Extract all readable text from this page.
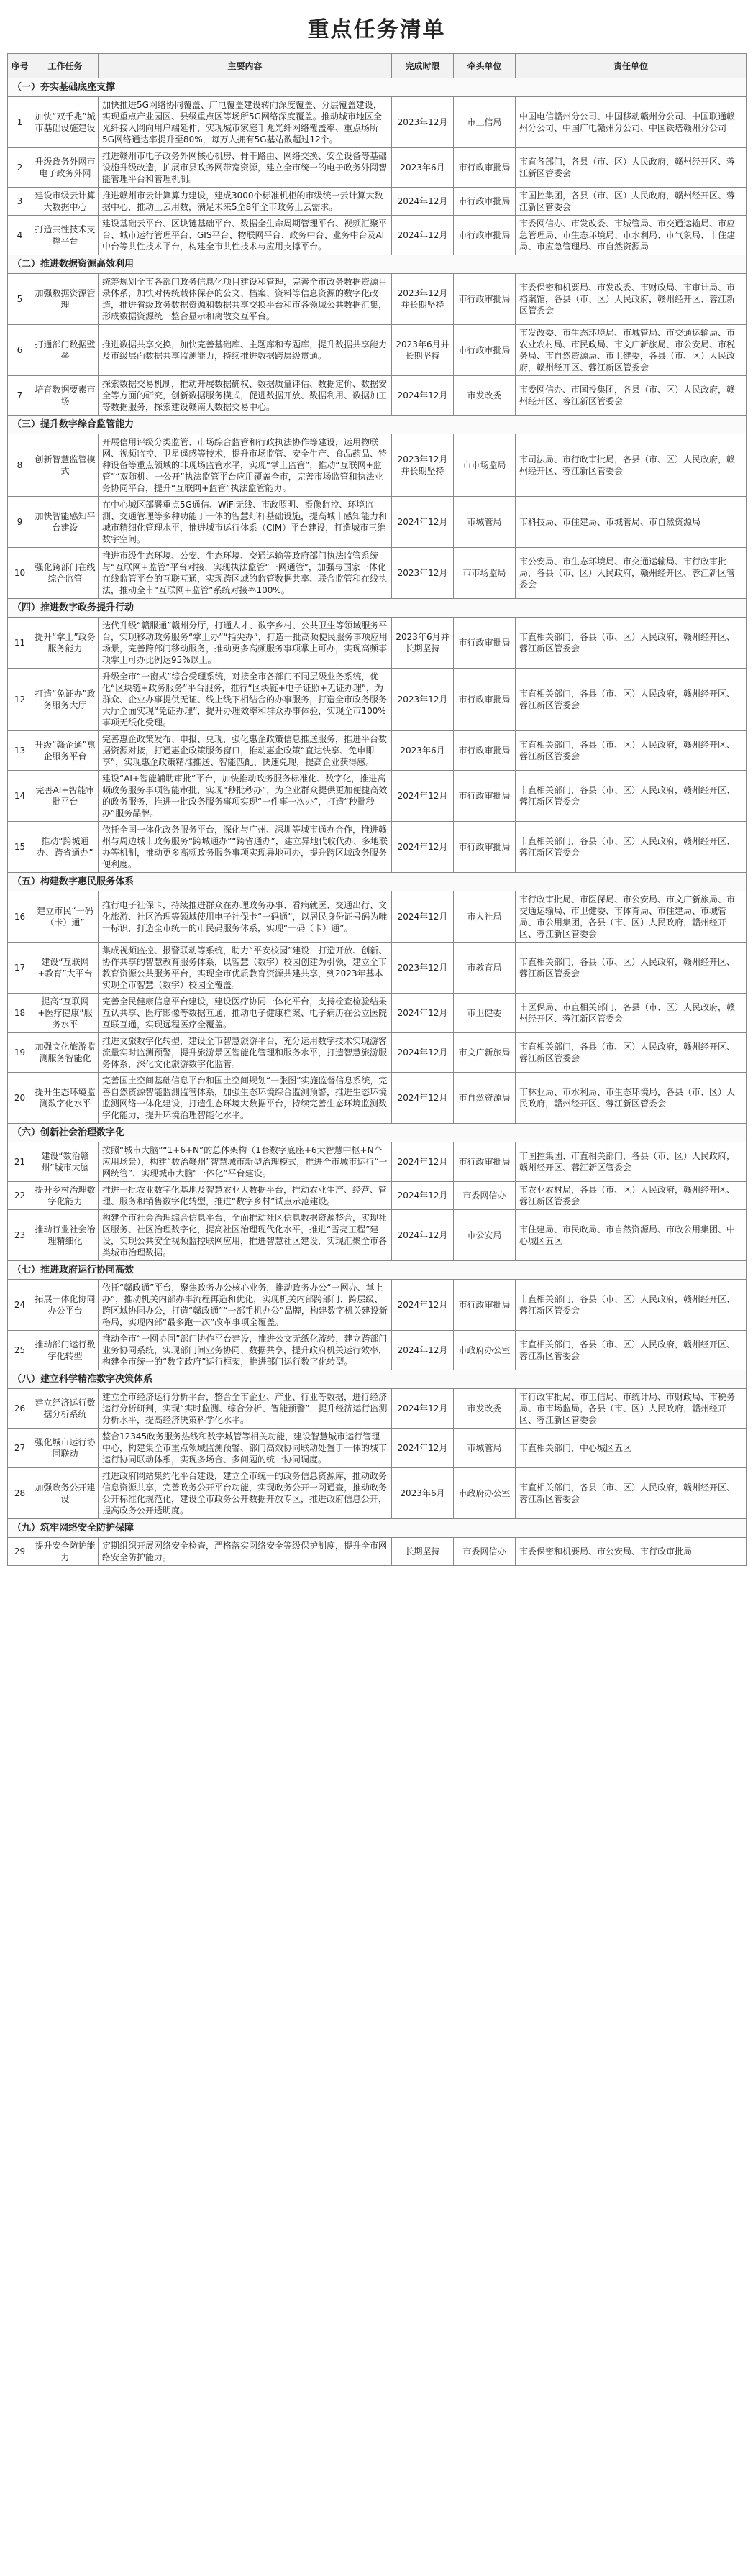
重点任务清单
序号	工作任务	主要内容	完成时限	牵头单位	责任单位
（一）夯实基础底座支撑					
1	加快“双千兆”城市基础设施建设	加快推进5G网络协同覆盖、广电覆盖建设转向深度覆盖、分层覆盖建设，实现重点产业园区、县级重点区等场所5G网络深度覆盖。推动城市地区全光纤接入网向用户端延伸，实现城市家庭千兆光纤网络覆盖率、重点场所5G网络通达率提升至80%，每万人拥有5G基站数超过12个。	2023年12月	市工信局	中国电信赣州分公司、中国移动赣州分公司、中国联通赣州分公司、中国广电赣州分公司、中国铁塔赣州分公司
2	升级政务外网市电子政务外网	推进赣州市电子政务外网核心机房、骨干路由、网络交换、安全设备等基础设施升级改造，扩展市县政务网带宽资源，建立全市统一的电子政务外网智能管理平台和管理机制。	2023年6月	市行政审批局	市直各部门，各县（市、区）人民政府，赣州经开区、蓉江新区管委会
3	建设市级云计算大数据中心	推进赣州市云计算算力建设，建成3000个标准机柜的市级统一云计算大数据中心，推动上云用数，满足未来5至8年全市政务上云需求。	2024年12月	市行政审批局	市国控集团，各县（市、区）人民政府，赣州经开区、蓉江新区管委会
4	打造共性技术支撑平台	建设基础云平台、区块链基础平台、数据全生命周期管理平台、视频汇聚平台、城市运行管理平台、GIS平台、物联网平台、政务中台、业务中台及AI中台等共性技术平台，构建全市共性技术与应用支撑平台。	2024年12月	市行政审批局	市委网信办、市发改委、市城管局、市交通运输局、市应急管理局、市生态环境局、市水利局、市气象局、市住建局、市应急管理局、市自然资源局
（二）推进数据资源高效利用					
5	加强数据资源管理	统筹规划全市各部门政务信息化项目建设和管理，完善全市政务数据资源目录体系，加快对传统载体保存的公文、档案、资料等信息资源的数字化改造，推进省级政务数据资源和数据共享交换平台和市各领域公共数据汇集，形成数据资源统一整合显示和离散交互平台。	2023年12月并长期坚持	市行政审批局	市委保密和机要局、市发改委、市财政局、市审计局、市档案馆，各县（市、区）人民政府，赣州经开区、蓉江新区管委会
6	打通部门数据壁垒	推进数据共享交换，加快完善基础库、主题库和专题库，提升数据共享能力及市级层面数据共享监测能力，持续推进数据跨层级贯通。	2023年6月并长期坚持	市行政审批局	市发改委、市生态环境局、市城管局、市交通运输局、市农业农村局、市民政局、市文广新旅局、市公安局、市税务局、市自然资源局、市卫健委，各县（市、区）人民政府，赣州经开区、蓉江新区管委会
7	培育数据要素市场	探索数据交易机制，推动开展数据确权、数据质量评估、数据定价、数据安全等方面的研究，创新数据服务模式，促进数据开放、数据利用、数据加工等数据服务，探索建设赣南大数据交易中心。	2024年12月	市发改委	市委网信办、市国投集团，各县（市、区）人民政府，赣州经开区、蓉江新区管委会
（三）提升数字综合监管能力					
8	创新智慧监管模式	开展信用评级分类监管、市场综合监管和行政执法协作等建设，运用物联网、视频监控、卫星遥感等技术，提升市场监管、安全生产、食品药品、特种设备等重点领域的非现场监管水平，实现“掌上监管”，推动“互联网+监管”“双随机、一公开”执法监管平台应用覆盖全市，完善市场监管和执法业务协同平台，提升“互联网+监管”执法监管能力。	2023年12月并长期坚持	市市场监局	市司法局、市行政审批局，各县（市、区）人民政府，赣州经开区、蓉江新区管委会
9	加快智能感知平台建设	在中心城区部署重点5G通信、WiFi无线、市政照明、摄像监控、环境监测、交通管理等多种功能于一体的智慧灯杆基础设施，提高城市感知能力和城市精细化管理水平，推进城市运行体系（CIM）平台建设，打造城市三维数字空间。	2024年12月	市城管局	市科技局、市住建局、市城管局、市自然资源局
10	强化跨部门在线综合监管	推进市级生态环境、公安、生态环境、交通运输等政府部门执法监管系统与“互联网+监管”平台对接，实现执法监管“一网通管”，加强与国家一体化在线监管平台的互联互通，实现跨区域的监管数据共享、联合监管和在线执法，推动全市“互联网+监管”系统对接率100%。	2023年12月	市市场监局	市公安局、市生态环境局、市交通运输局、市行政审批局，各县（市、区）人民政府，赣州经开区、蓉江新区管委会
（四）推进数字政务提升行动					
11	提升“掌上”政务服务能力	迭代升级“赣服通”赣州分厅，打通人才、数字乡村、公共卫生等领域服务平台，实现移动政务服务“掌上办”“指尖办”，打造一批高频便民服务事项应用场景，完善跨部门移动服务，推动更多高频服务事项掌上可办，实现高频事项掌上可办比例达95%以上。	2023年6月并长期坚持	市行政审批局	市直相关部门，各县（市、区）人民政府，赣州经开区、蓉江新区管委会
12	打造“免证办”政务服务大厅	升级全市“一窗式”综合受理系统，对接全市各部门不同层级业务系统，优化“区块链+政务服务”平台服务，推行“区块链+电子证照+无证办理”，为群众、企业办事提供无证、线上线下相结合的办事服务，打造全市政务服务大厅全面实现“免证办理”，提升办理效率和群众办事体验，实现全市100%事项无纸化受理。	2023年12月	市行政审批局	市直相关部门，各县（市、区）人民政府，赣州经开区、蓉江新区管委会
13	升级“赣企通”惠企服务平台	完善惠企政策发布、申报、兑现，强化惠企政策信息推送服务，推进平台数据资源对接，打通惠企政策服务窗口，推动惠企政策“直达快享、免申即享”，实现惠企政策精准推送、智能匹配、快速兑现，提高企业获得感。	2023年6月	市行政审批局	市直相关部门，各县（市、区）人民政府，赣州经开区、蓉江新区管委会
14	完善AI+智能审批平台	建设“AI+智能辅助审批”平台，加快推动政务服务标准化、数字化，推进高频政务服务事项智能审批，实现“秒批秒办”，为企业群众提供更加便捷高效的政务服务，推进一批政务服务事项实现“一件事一次办”，打造“秒批秒办”服务品牌。	2024年12月	市行政审批局	市直相关部门，各县（市、区）人民政府，赣州经开区、蓉江新区管委会
15	推动“跨城通办、跨省通办”	依托全国一体化政务服务平台，深化与广州、深圳等城市通办合作，推进赣州与周边城市政务服务“跨城通办”“跨省通办”，建立异地代收代办、多地联办等机制，推动更多高频政务服务事项实现异地可办，提升跨区域政务服务便利度。	2024年12月	市行政审批局	市直相关部门，各县（市、区）人民政府，赣州经开区、蓉江新区管委会
（五）构建数字惠民服务体系					
16	建立市民“一码（卡）通”	推行电子社保卡，持续推进群众在办理政务办事、看病就医、交通出行、文化旅游、社区治理等领域使用电子社保卡“一码通”，以居民身份证号码为唯一标识，打造全市统一的市民码服务体系，实现“一码（卡）通”。	2024年12月	市人社局	市行政审批局、市医保局、市公安局、市文广新旅局、市交通运输局、市卫健委、市体育局、市住建局、市城管局、市公用集团，各县（市、区）人民政府，赣州经开区、蓉江新区管委会
17	建设“互联网+教育”大平台	集成视频监控、报警联动等系统，助力“平安校园”建设，打造开放、创新、协作共享的智慧教育服务体系，以智慧（数字）校园创建为引领，建立全市教育资源公共服务平台，实现全市优质教育资源共建共享，到2023年基本实现全市智慧（数字）校园全覆盖。	2023年12月	市教育局	市直相关部门，各县（市、区）人民政府，赣州经开区、蓉江新区管委会
18	提高“互联网+医疗健康”服务水平	完善全民健康信息平台建设，建设医疗协同一体化平台，支持检查检验结果互认共享、医疗影像等数据互通，推动电子健康档案、电子病历在公立医院互联互通，实现远程医疗全覆盖。	2024年12月	市卫健委	市医保局、市直相关部门，各县（市、区）人民政府，赣州经开区、蓉江新区管委会
19	加强文化旅游监测服务智能化	推进文旅数字化转型，建设全市智慧旅游平台，充分运用数字技术实现游客流量实时监测预警，提升旅游景区智能化管理和服务水平，打造智慧旅游服务体系，深化文化旅游数字化监管。	2024年12月	市文广新旅局	市直相关部门，各县（市、区）人民政府，赣州经开区、蓉江新区管委会
20	提升生态环境监测数字化水平	完善国土空间基础信息平台和国土空间规划“一张图”实施监督信息系统，完善自然资源智能监测监管体系，加强生态环境综合监测预警，推进生态环境监测网络一体化建设，打造生态环境大数据平台，持续完善生态环境监测数字化能力，提升环境治理智能化水平。	2024年12月	市自然资源局	市林业局、市水利局、市生态环境局，各县（市、区）人民政府，赣州经开区、蓉江新区管委会
（六）创新社会治理数字化					
21	建设“数治赣州”城市大脑	按照“城市大脑”“1+6+N”的总体架构（1套数字底座+6大智慧中枢+N个应用场景），构建“数治赣州”智慧城市新型治理模式，推进全市城市运行“一网统管”，实现城市大脑“一体化”平台建设。	2024年12月	市行政审批局	市国控集团、市直相关部门，各县（市、区）人民政府，赣州经开区、蓉江新区管委会
22	提升乡村治理数字化能力	推进一批农业数字化基地及智慧农业大数据平台，推动农业生产、经营、管理、服务和销售数字化转型，推进“数字乡村”试点示范建设。	2024年12月	市委网信办	市农业农村局，各县（市、区）人民政府，赣州经开区、蓉江新区管委会
23	推动行业社会治理精细化	构建全市社会治理综合信息平台，全面推动社区信息数据资源整合，实现社区服务、社区治理数字化，提高社区治理现代化水平，推进“雪亮工程”建设，实现公共安全视频监控联网应用，推进智慧社区建设，实现汇聚全市各类城市治理数据。	2024年12月	市公安局	市住建局、市民政局、市自然资源局、市政公用集团、中心城区五区
（七）推进政府运行协同高效					
24	拓展一体化协同办公平台	依托“赣政通”平台，聚焦政务办公核心业务，推动政务办公“一网办、掌上办”，推动机关内部办事流程再造和优化，实现机关内部跨部门、跨层级、跨区域协同办公，打造“赣政通”“一部手机办公”品牌，构建数字机关建设新格局，实现内部“最多跑一次”改革事项全覆盖。	2024年12月	市行政审批局	市直相关部门，各县（市、区）人民政府，赣州经开区、蓉江新区管委会
25	推动部门运行数字化转型	推动全市“一网协同”部门协作平台建设，推进公文无纸化流转，建立跨部门业务协同系统，实现部门间业务协同、数据共享，提升政府机关运行效率，构建全市统一的“数字政府”运行框架，推进部门运行数字化转型。	2024年12月	市政府办公室	市直相关部门，各县（市、区）人民政府，赣州经开区、蓉江新区管委会
（八）建立科学精准数字决策体系					
26	建立经济运行数据分析系统	建立全市经济运行分析平台，整合全市企业、产业、行业等数据，进行经济运行分析研判，实现“实时监测、综合分析、智能预警”，提升经济运行监测分析水平，提高经济决策科学化水平。	2024年12月	市发改委	市行政审批局、市工信局、市统计局、市财政局、市税务局、市市场监局，各县（市、区）人民政府，赣州经开区、蓉江新区管委会
27	强化城市运行协同联动	整合12345政务服务热线和数字城管等相关功能，建设智慧城市运行管理中心，构建集全市重点领域监测预警、部门高效协同联动处置于一体的城市运行协同联动体系，实现多场合、多问题的统一协同调度。	2024年12月	市城管局	市直相关部门，中心城区五区
28	加强政务公开建设	推进政府网站集约化平台建设，建立全市统一的政务信息资源库，推动政务信息资源共享，完善政务公开平台功能，实现政务公开一网通查，推动政务公开标准化规范化，建设全市政务公开数据开放专区，推进政府信息公开，提高政务公开透明度。	2023年6月	市政府办公室	市直相关部门，各县（市、区）人民政府，赣州经开区、蓉江新区管委会
（九）筑牢网络安全防护保障					
29	提升安全防护能力	定期组织开展网络安全检查，严格落实网络安全等级保护制度，提升全市网络安全防护能力。	长期坚持	市委网信办	市委保密和机要局、市公安局、市行政审批局
